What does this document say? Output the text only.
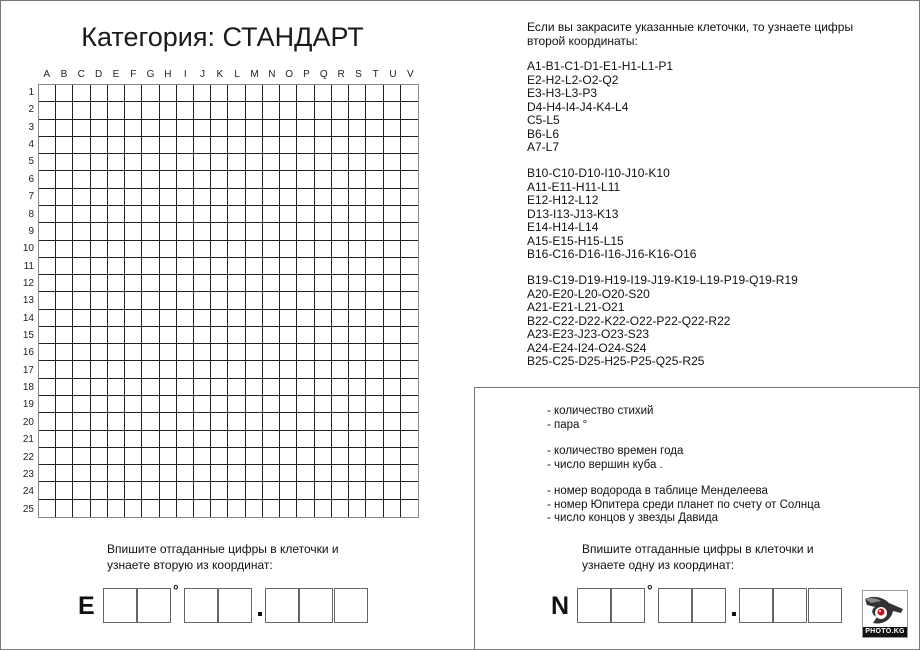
Категория: СТАНДАРТ
A	B	C	D	E	F	G H	I	J	K	L	M N O	P	Q R	S	T	U	V
1
2
3
4
5
6
7
8
9
10
11
12
13
14
15
16
17
18
19
20
21
22
23
24
25
Впишите отгаданные цифры в клеточки и
узнаете вторую из координат:
E
°
Если вы закрасите указанные клеточки, то узнаете цифры
второй координаты:
A1-B1-C1-D1-E1-H1-L1-P1
E2-H2-L2-O2-Q2
E3-H3-L3-P3
D4-H4-I4-J4-K4-L4
C5-L5
B6-L6
A7-L7
B10-C10-D10-I10-J10-K10
A11-E11-H11-L11
E12-H12-L12
D13-I13-J13-K13
E14-H14-L14
A15-E15-H15-L15
B16-C16-D16-I16-J16-K16-O16
B19-C19-D19-H19-I19-J19-K19-L19-P19-Q19-R19
A20-E20-L20-O20-S20
A21-E21-L21-O21
B22-C22-D22-K22-O22-P22-Q22-R22
A23-E23-J23-O23-S23
A24-E24-I24-O24-S24
B25-C25-D25-H25-P25-Q25-R25
- количество стихий
- пара °
- количество времен года
- число вершин куба .
- номер водорода в таблице Менделеева
- номер Юпитера среди планет по счету от Солнца
- число концов у звезды Давида
Впишите отгаданные цифры в клеточки и
узнаете одну из координат:
N
°
PHOTO.KG
